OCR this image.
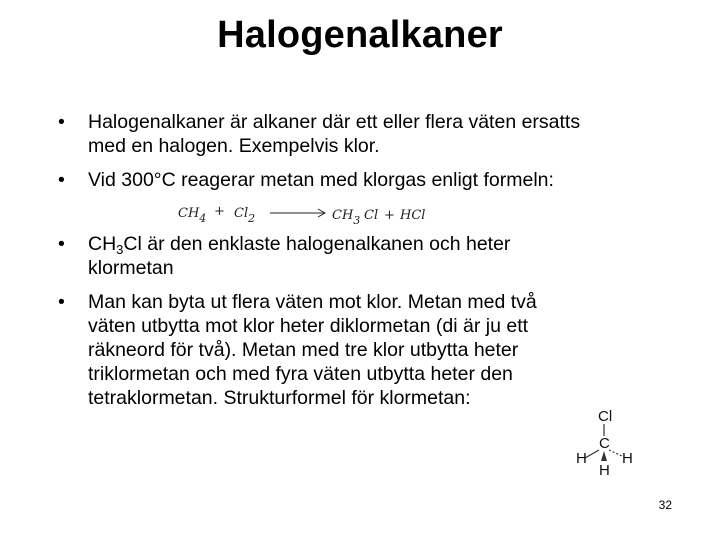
Halogenalkaner
•	Halogenalkaner är alkaner där ett eller flera väten ersatts
med en halogen. Exempelvis klor.
•	Vid 300°C reagerar metan med klorgas enligt formeln:
•	$CH_3Cl$ är den enklaste halogenalkanen och heter
klormetan
•	Man kan byta ut flera väten mot klor. Metan med två
väten utbytta mot klor heter diklormetan (di är ju ett
räkneord för två). Metan med tre klor utbytta heter
triklormetan och med fyra väten utbytta heter den
tetraklormetan. Strukturformel för klormetan:
$CH_4 + Cl_2 \to CH_3$ Cl + HCl
Cl
C
H H
H
32
